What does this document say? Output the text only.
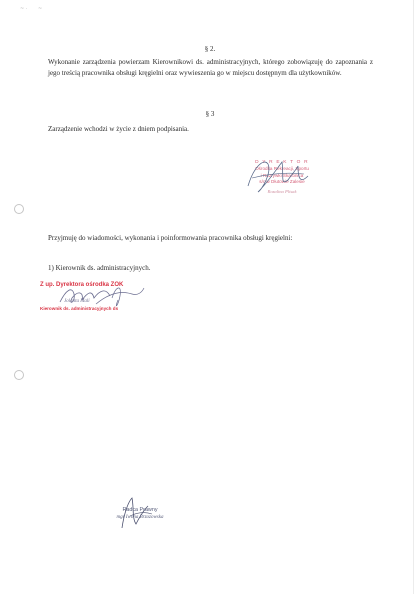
~ · ~
§ 2.

Wykonanie zarządzenia powierzam Kierownikowi ds. administracyjnych, którego zobowiązuję do zapoznania z jego treścią pracownika obsługi kręgielni oraz wywieszenia go w miejscu dostępnym dla użytkowników.

§ 3

Zarządzenie wchodzi w życie z dniem podpisania.

D Y R E K T O R
Ośrodka Rekreacji, Sportu
i Rozrywki Skarbnica
s/c w Dłutowie Zalesie
Rozalina Plisak

Przyjmuję do wiadomości, wykonania i poinformowania pracownika obsługi kręgielni:

1) Kierownik ds. administracyjnych.

Z up. Dyrektora ośrodka ZOK
Jolanta Mali
Kierownik ds. administracyjnych ds
Radca Prawny
mgr Iwona Brzozowska
